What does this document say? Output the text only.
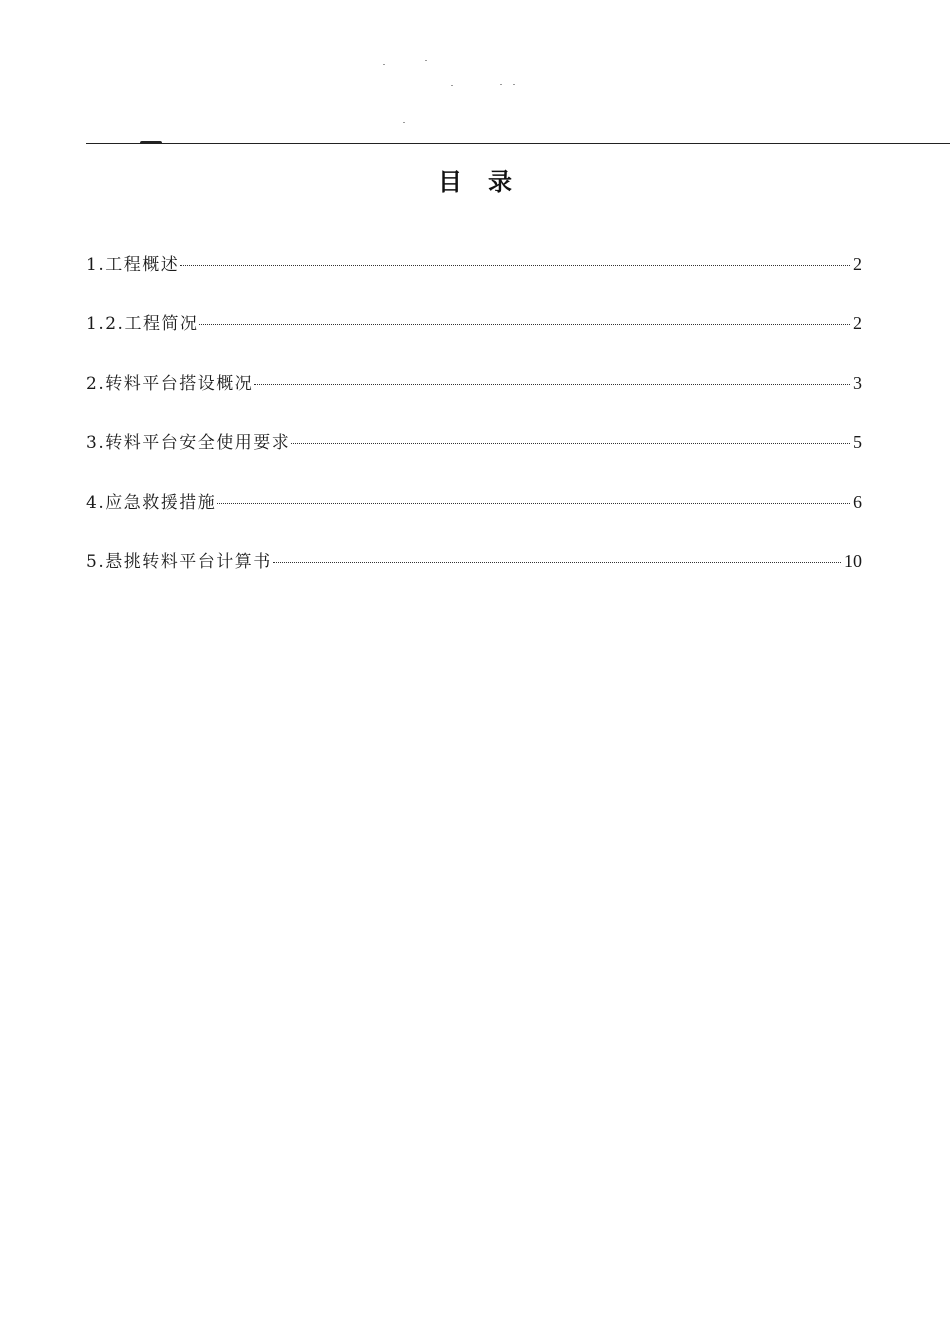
目录
1.工程概述	2
1.2.工程简况	2
2.转料平台搭设概况	3
3.转料平台安全使用要求	5
4.应急救援措施	6
5.悬挑转料平台计算书	10
